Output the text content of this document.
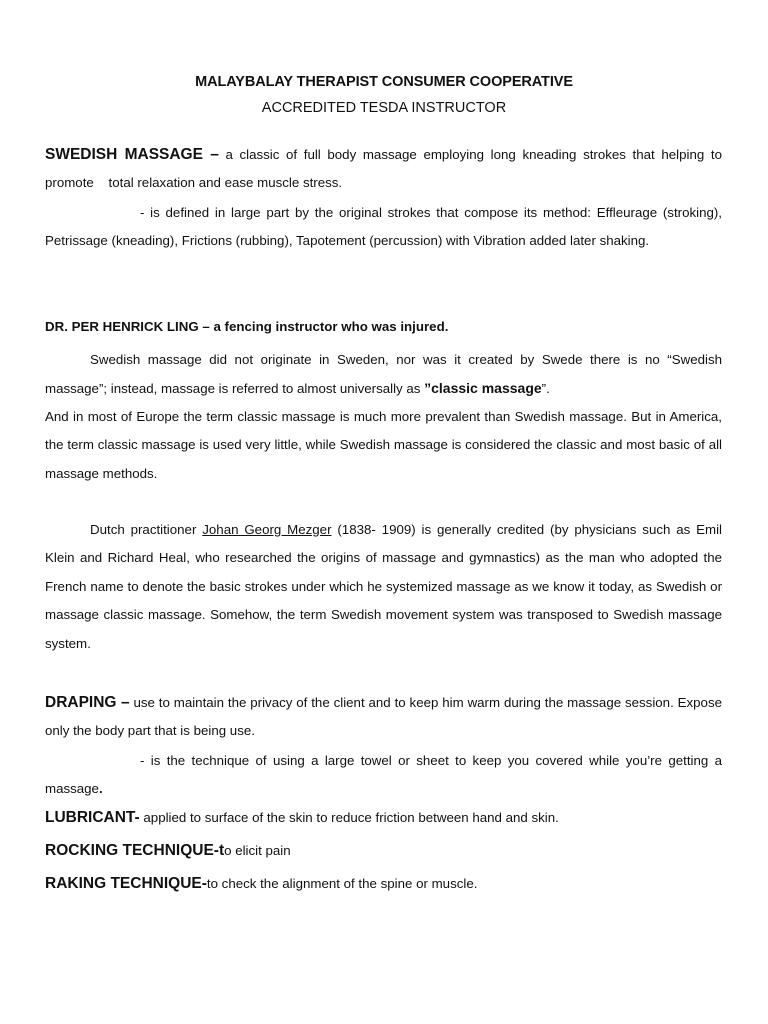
MALAYBALAY THERAPIST CONSUMER COOPERATIVE
ACCREDITED TESDA INSTRUCTOR
SWEDISH MASSAGE – a classic of full body massage employing long kneading strokes that helping to promote    total relaxation and ease muscle stress.
- is defined in large part by the original strokes that compose its method: Effleurage (stroking), Petrissage (kneading), Frictions (rubbing), Tapotement (percussion) with Vibration added later shaking.
DR. PER HENRICK LING – a fencing instructor who was injured.
Swedish massage did not originate in Sweden, nor was it created by Swede there is no “Swedish massage”; instead, massage is referred to almost universally as ”classic massage”.
And in most of Europe the term classic massage is much more prevalent than Swedish massage. But in America, the term classic massage is used very little, while Swedish massage is considered the classic and most basic of all massage methods.
Dutch practitioner Johan Georg Mezger (1838- 1909) is generally credited (by physicians such as Emil Klein and Richard Heal, who researched the origins of massage and gymnastics) as the man who adopted the French name to denote the basic strokes under which he systemized massage as we know it today, as Swedish or massage classic massage. Somehow, the term Swedish movement system was transposed to Swedish massage system.
DRAPING – use to maintain the privacy of the client and to keep him warm during the massage session. Expose only the body part that is being use.
- is the technique of using a large towel or sheet to keep you covered while you’re getting a massage.
LUBRICANT- applied to surface of the skin to reduce friction between hand and skin.
ROCKING TECHNIQUE-to elicit pain
RAKING TECHNIQUE-to check the alignment of the spine or muscle.
